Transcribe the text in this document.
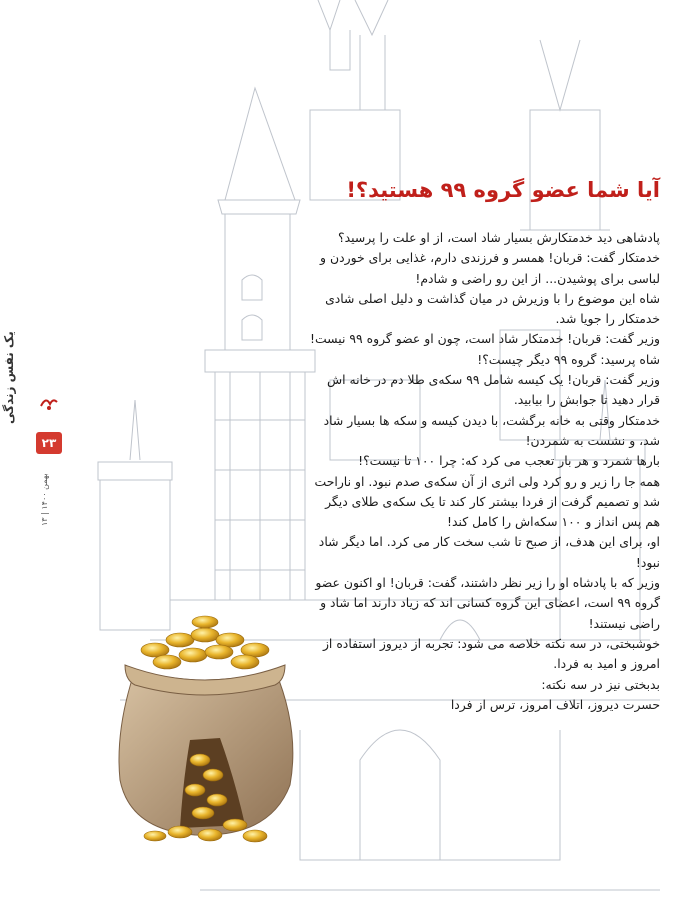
یک نفس زندگی
۲۳
بهمن ۱۴۰۰ | ۱۳
آیا شما عضو گروه ۹۹ هستید؟!

پادشاهی دید خدمتکارش بسیار شاد است، از او علت را پرسید؟

خدمتکار گفت: قربان! همسر و فرزندی دارم، غذایی برای خوردن و لباسی برای پوشیدن... از این رو راضی و شادم!

شاه این موضوع را با وزیرش در میان گذاشت و دلیل اصلی شادی خدمتکار را جویا شد.

وزیر گفت: قربان! خدمتکار شاد است، چون او عضو گروه ۹۹ نیست!

شاه پرسید: گروه ۹۹ دیگر چیست؟!

وزیر گفت: قربان! یک کیسه شامل ۹۹ سکه‌ی طلا دم در خانه اش قرار دهید تا جوابش را بیابید.

خدمتکار وقتی به خانه برگشت، با دیدن کیسه و سکه ها بسیار شاد شد، و نشست به شمردن!

بارها شمرد و هر بار تعجب می کرد که: چرا ۱۰۰ تا نیست؟!

همه جا را زیر و رو کرد ولی اثری از آن سکه‌ی صدم نبود. او ناراحت شد و تصمیم گرفت از فردا بیشتر کار کند تا یک سکه‌ی طلای دیگر هم پس انداز و ۱۰۰ سکه‌اش را کامل کند!

او، برای این هدف، از صبح تا شب سخت کار می کرد. اما دیگر شاد نبود!

وزیر که با پادشاه او را زیر نظر داشتند، گفت: قربان! او اکنون عضو گروه ۹۹ است، اعضای این گروه کسانی اند که زیاد دارند اما شاد و راضی نیستند!

خوشبختی، در سه نکته خلاصه می شود: تجربه از دیروز استفاده از امروز و امید به فردا.

بدبختی نیز در سه نکته:

حسرت دیروز، اتلاف امروز، ترس از فردا
